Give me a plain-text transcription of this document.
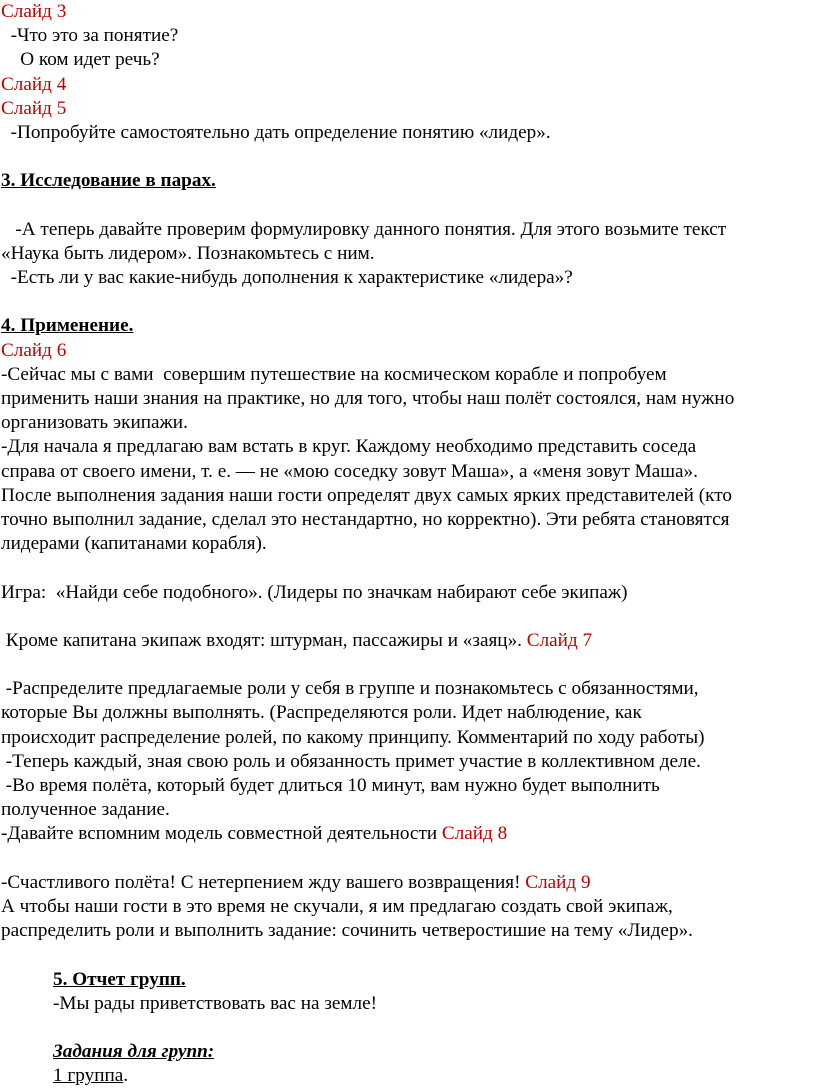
Слайд 3
-Что это за понятие?
О ком идет речь?
Слайд 4
Слайд 5
-Попробуйте самостоятельно дать определение понятию «лидер».
3. Исследование в парах.
-А теперь давайте проверим формулировку данного понятия. Для этого возьмите текст
«Наука быть лидером». Познакомьтесь с ним.
-Есть ли у вас какие-нибудь дополнения к характеристике «лидера»?
4. Применение.
Слайд 6
-Сейчас мы с вами  совершим путешествие на космическом корабле и попробуем
применить наши знания на практике, но для того, чтобы наш полёт состоялся, нам нужно
организовать экипажи.
-Для начала я предлагаю вам встать в круг. Каждому необходимо представить соседа
справа от своего имени, т. е. — не «мою соседку зовут Маша», а «меня зовут Маша».
После выполнения задания наши гости определят двух самых ярких представителей (кто
точно выполнил задание, сделал это нестандартно, но корректно). Эти ребята становятся
лидерами (капитанами корабля).
Игра:  «Найди себе подобного». (Лидеры по значкам набирают себе экипаж)
Кроме капитана экипаж входят: штурман, пассажиры и «заяц». Слайд 7
-Распределите предлагаемые роли у себя в группе и познакомьтесь с обязанностями,
которые Вы должны выполнять. (Распределяются роли. Идет наблюдение, как
происходит распределение ролей, по какому принципу. Комментарий по ходу работы)
-Теперь каждый, зная свою роль и обязанность примет участие в коллективном деле.
-Во время полёта, который будет длиться 10 минут, вам нужно будет выполнить
полученное задание.
-Давайте вспомним модель совместной деятельности Слайд 8
-Счастливого полёта! С нетерпением жду вашего возвращения! Слайд 9
А чтобы наши гости в это время не скучали, я им предлагаю создать свой экипаж,
распределить роли и выполнить задание: сочинить четверостишие на тему «Лидер».
5. Отчет групп.
-Мы рады приветствовать вас на земле!
Задания для групп:
1 группа.
